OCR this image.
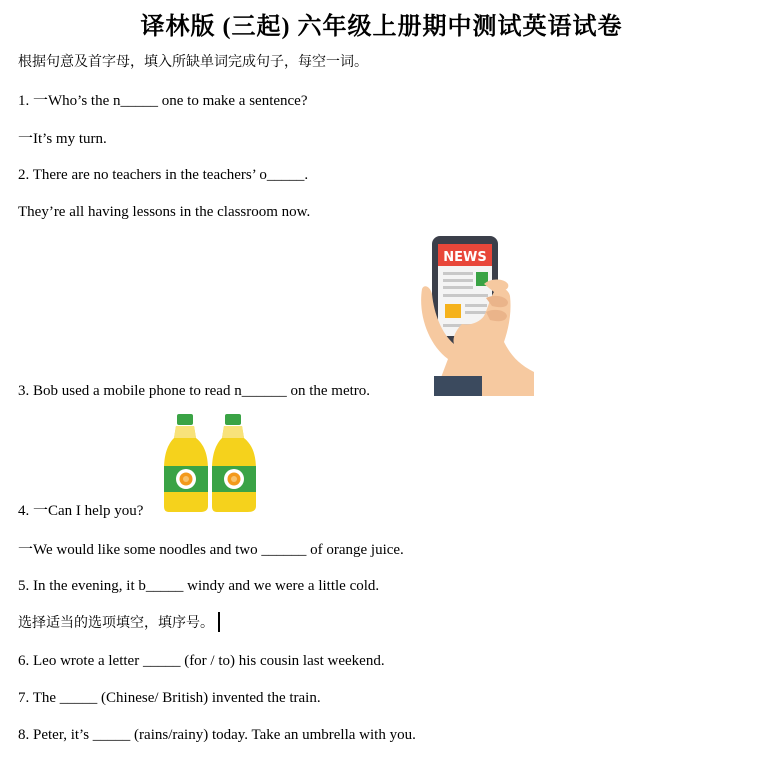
译林版 (三起) 六年级上册期中测试英语试卷
根据句意及首字母，填入所缺单词完成句子，每空一词。
1. 一Who’s the n_____ one to make a sentence?
一It’s my turn.
2. There are no teachers in the teachers’ o_____.
They’re all having lessons in the classroom now.
NEWS
3. Bob used a mobile phone to read n______ on the metro.
4. 一Can I help you?
一We would like some noodles and two ______ of orange juice.
5. In the evening, it b_____ windy and we were a little cold.
选择适当的选项填空，填序号。
6. Leo wrote a letter _____ (for / to) his cousin last weekend.
7. The _____ (Chinese/ British) invented the train.
8. Peter, it’s _____ (rains/rainy) today. Take an umbrella with you.
